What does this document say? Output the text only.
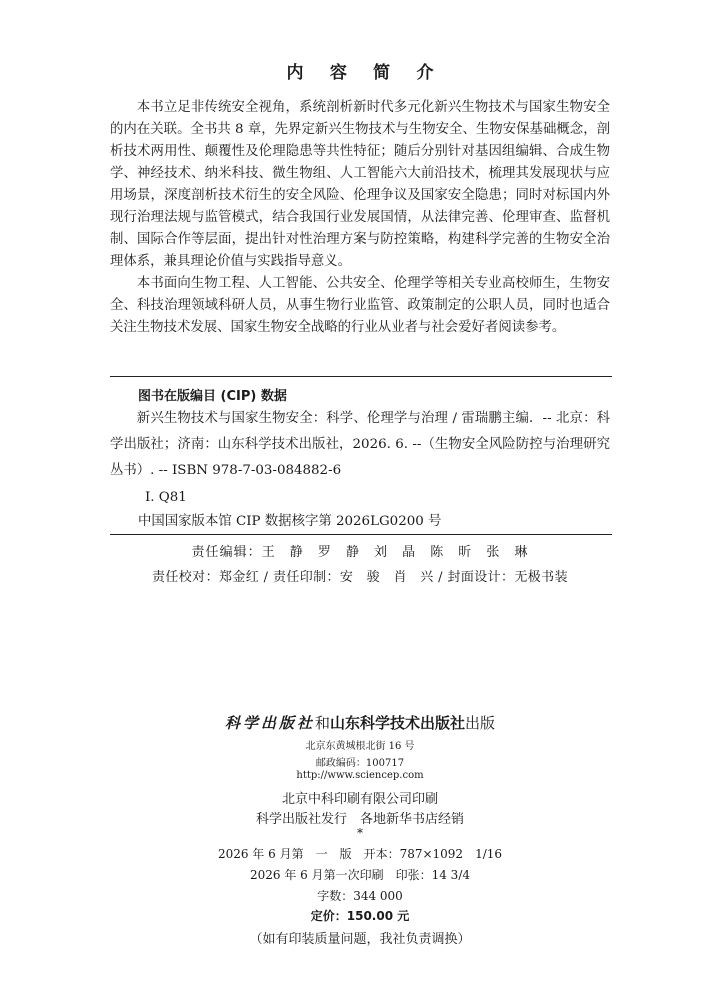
内 容 简 介

本书立足非传统安全视角，系统剖析新时代多元化新兴生物技术与国家生物安全的内在关联。全书共 8 章，先界定新兴生物技术与生物安全、生物安保基础概念，剖析技术两用性、颠覆性及伦理隐患等共性特征；随后分别针对基因组编辑、合成生物学、神经技术、纳米科技、微生物组、人工智能六大前沿技术，梳理其发展现状与应用场景，深度剖析技术衍生的安全风险、伦理争议及国家安全隐患；同时对标国内外现行治理法规与监管模式，结合我国行业发展国情，从法律完善、伦理审查、监督机制、国际合作等层面，提出针对性治理方案与防控策略，构建科学完善的生物安全治理体系，兼具理论价值与实践指导意义。

本书面向生物工程、人工智能、公共安全、伦理学等相关专业高校师生，生物安全、科技治理领域科研人员，从事生物行业监管、政策制定的公职人员，同时也适合关注生物技术发展、国家生物安全战略的行业从业者与社会爱好者阅读参考。

图书在版编目 (CIP) 数据

新兴生物技术与国家生物安全：科学、伦理学与治理 / 雷瑞鹏主编．-- 北京：科学出版社；济南：山东科学技术出版社，2026. 6. --（生物安全风险防控与治理研究丛书）. -- ISBN 978-7-03-084882-6

Ⅰ. Q81
中国国家版本馆 CIP 数据核字第 2026LG0200 号
责任编辑：王　静　罗　静　刘　晶　陈　昕　张　琳
责任校对：郑金红 / 责任印制：安　骏　肖　兴 / 封面设计：无极书装
科学出版社和山东科学技术出版社出版
北京东黄城根北街 16 号
邮政编码：100717
http://www.sciencep.com
北京中科印刷有限公司印刷
科学出版社发行　各地新华书店经销
*
2026 年 6 月第　一　版　开本：787×1092　1/16
2026 年 6 月第一次印刷　印张：14 3/4
字数：344 000
定价：150.00 元
（如有印装质量问题，我社负责调换）
